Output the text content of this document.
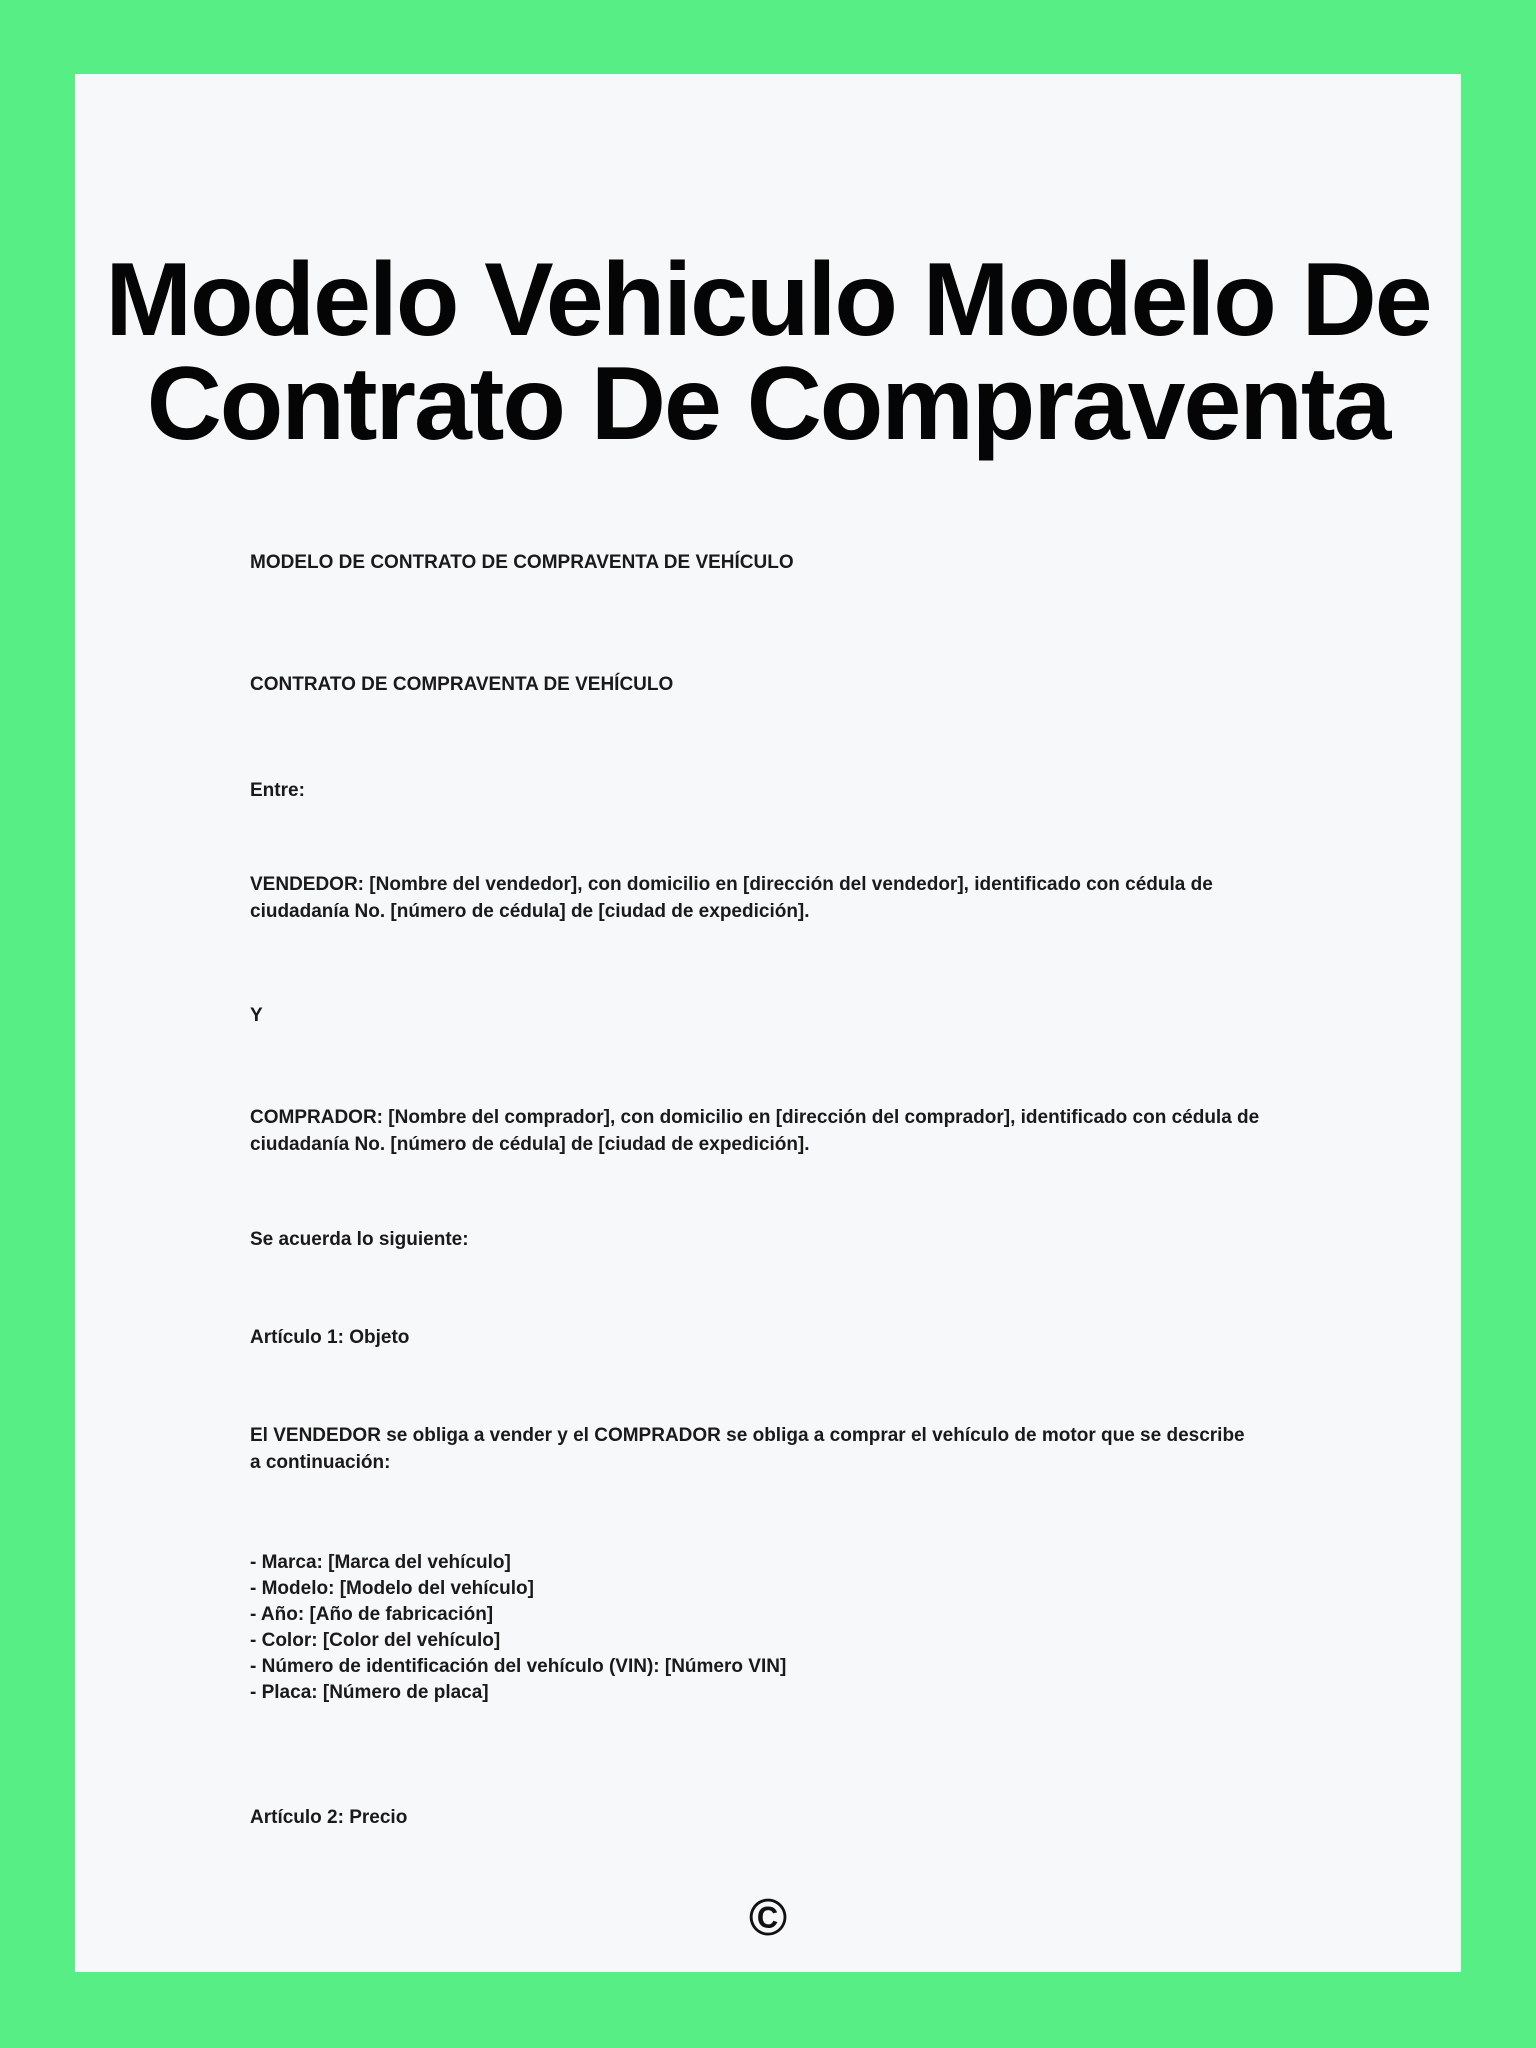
Modelo Vehiculo Modelo De
Contrato De Compraventa
MODELO DE CONTRATO DE COMPRAVENTA DE VEHÍCULO
CONTRATO DE COMPRAVENTA DE VEHÍCULO
Entre:
VENDEDOR: [Nombre del vendedor], con domicilio en [dirección del vendedor], identificado con cédula de ciudadanía No. [número de cédula] de [ciudad de expedición].
Y
COMPRADOR: [Nombre del comprador], con domicilio en [dirección del comprador], identificado con cédula de ciudadanía No. [número de cédula] de [ciudad de expedición].
Se acuerda lo siguiente:
Artículo 1: Objeto
El VENDEDOR se obliga a vender y el COMPRADOR se obliga a comprar el vehículo de motor que se describe a continuación:
- Marca: [Marca del vehículo]
- Modelo: [Modelo del vehículo]
- Año: [Año de fabricación]
- Color: [Color del vehículo]
- Número de identificación del vehículo (VIN): [Número VIN]
- Placa: [Número de placa]
Artículo 2: Precio
©
